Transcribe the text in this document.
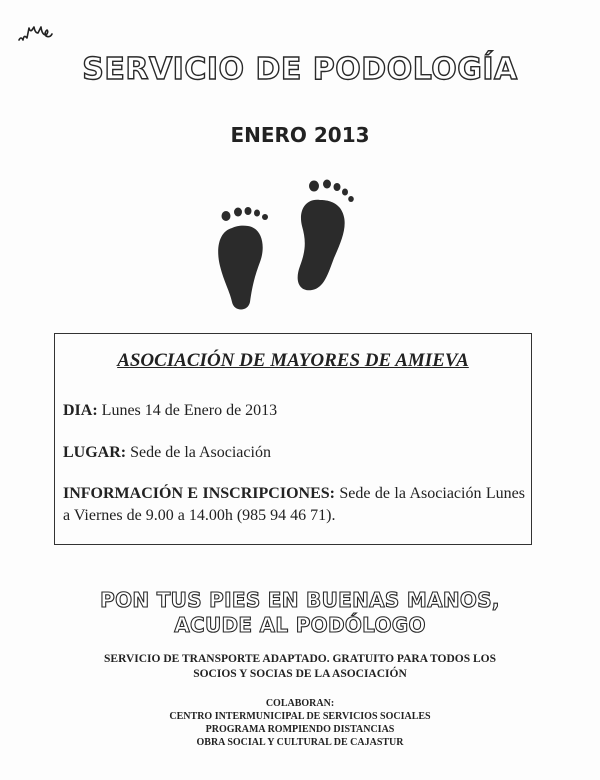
SERVICIO DE PODOLOGÍA
ENERO 2013
ASOCIACIÓN DE MAYORES DE AMIEVA
DIA: Lunes 14 de Enero de 2013
LUGAR: Sede de la Asociación
INFORMACIÓN E INSCRIPCIONES: Sede de la Asociación Lunes a Viernes de 9.00 a 14.00h (985 94 46 71).
PON TUS PIES EN BUENAS MANOS,
ACUDE AL PODÓLOGO
SERVICIO DE TRANSPORTE ADAPTADO. GRATUITO PARA TODOS LOS
SOCIOS Y SOCIAS DE LA ASOCIACIÓN
COLABORAN:
CENTRO INTERMUNICIPAL DE SERVICIOS SOCIALES
PROGRAMA ROMPIENDO DISTANCIAS
OBRA SOCIAL Y CULTURAL DE CAJASTUR
